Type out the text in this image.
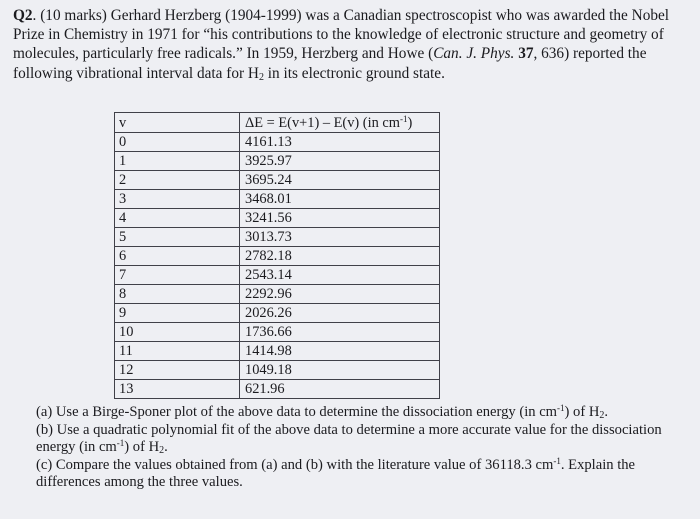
Q2. (10 marks) Gerhard Herzberg (1904-1999) was a Canadian spectroscopist who was awarded the Nobel Prize in Chemistry in 1971 for “his contributions to the knowledge of electronic structure and geometry of molecules, particularly free radicals.” In 1959, Herzberg and Howe (Can. J. Phys. 37, 636) reported the following vibrational interval data for $H_2$ in its electronic ground state.
v	ΔE = E(v+1) – E(v) (in $cm^{-1}$)
0	4161.13
1	3925.97
2	3695.24
3	3468.01
4	3241.56
5	3013.73
6	2782.18
7	2543.14
8	2292.96
9	2026.26
10	1736.66
11	1414.98
12	1049.18
13	621.96

(a) Use a Birge-Sponer plot of the above data to determine the dissociation energy (in $cm^{-1}$) of $H_2$.

(b) Use a quadratic polynomial fit of the above data to determine a more accurate value for the dissociation energy (in $cm^{-1}$) of $H_2$.

(c) Compare the values obtained from (a) and (b) with the literature value of 36118.3 $cm^{-1}$. Explain the differences among the three values.
